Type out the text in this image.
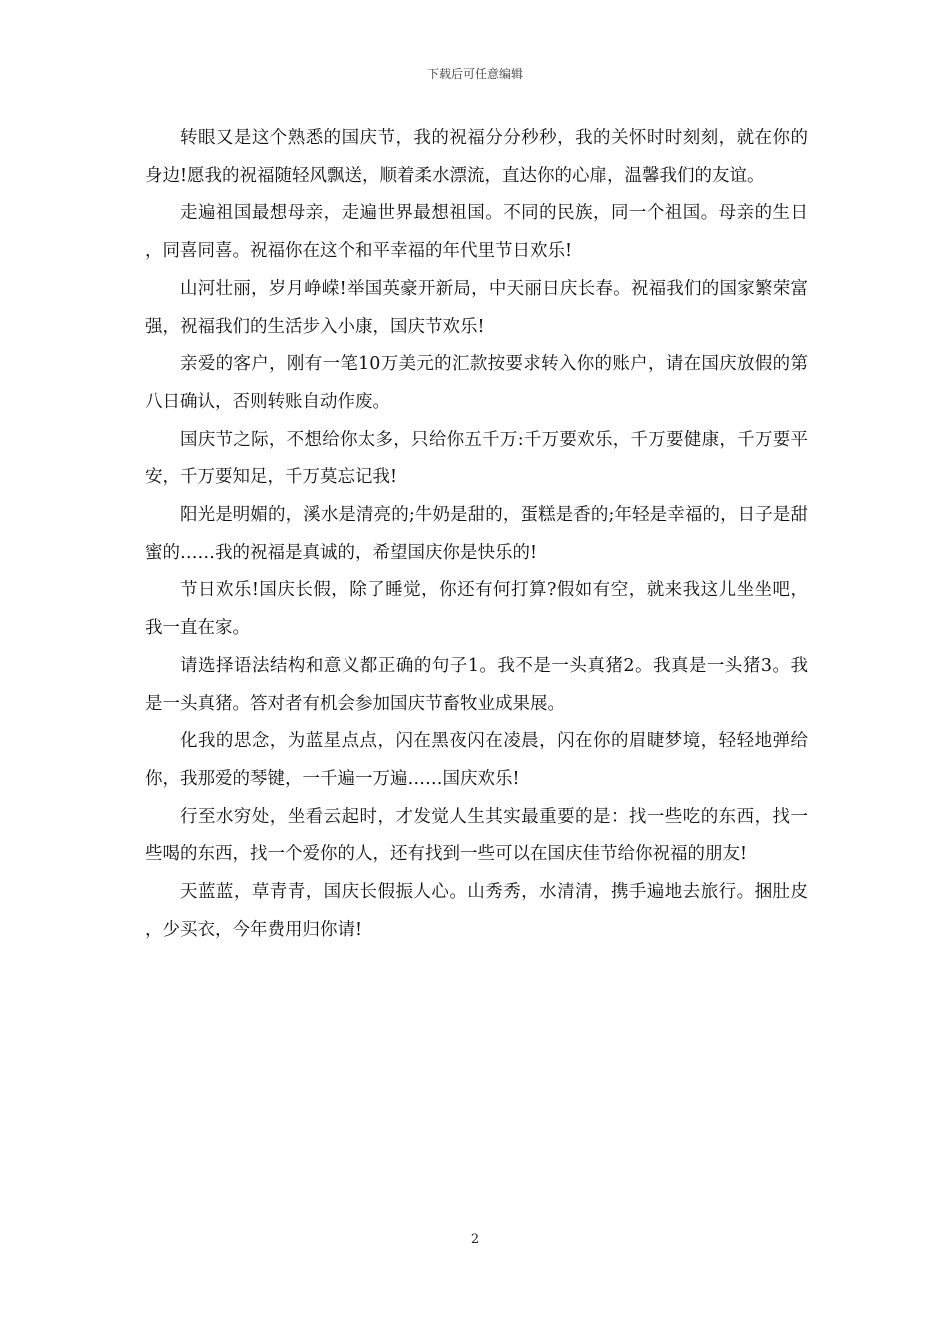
下载后可任意编辑

转眼又是这个熟悉的国庆节，我的祝福分分秒秒，我的关怀时时刻刻，就在你的身边!愿我的祝福随轻风飘送，顺着柔水漂流，直达你的心扉，温馨我们的友谊。

走遍祖国最想母亲，走遍世界最想祖国。不同的民族，同一个祖国。母亲的生日，同喜同喜。祝福你在这个和平幸福的年代里节日欢乐!

山河壮丽，岁月峥嵘!举国英豪开新局，中天丽日庆长春。祝福我们的国家繁荣富强，祝福我们的生活步入小康，国庆节欢乐!

亲爱的客户，刚有一笔10万美元的汇款按要求转入你的账户，请在国庆放假的第八日确认，否则转账自动作废。

国庆节之际，不想给你太多，只给你五千万:千万要欢乐，千万要健康，千万要平安，千万要知足，千万莫忘记我!

阳光是明媚的，溪水是清亮的;牛奶是甜的，蛋糕是香的;年轻是幸福的，日子是甜蜜的……我的祝福是真诚的，希望国庆你是快乐的!

节日欢乐!国庆长假，除了睡觉，你还有何打算?假如有空，就来我这儿坐坐吧，我一直在家。

请选择语法结构和意义都正确的句子1。我不是一头真猪2。我真是一头猪3。我是一头真猪。答对者有机会参加国庆节畜牧业成果展。

化我的思念，为蓝星点点，闪在黑夜闪在凌晨，闪在你的眉睫梦境，轻轻地弹给你，我那爱的琴键，一千遍一万遍……国庆欢乐!

行至水穷处，坐看云起时，才发觉人生其实最重要的是：找一些吃的东西，找一些喝的东西，找一个爱你的人，还有找到一些可以在国庆佳节给你祝福的朋友!

天蓝蓝，草青青，国庆长假振人心。山秀秀，水清清，携手遍地去旅行。捆肚皮，少买衣，今年费用归你请!

2
